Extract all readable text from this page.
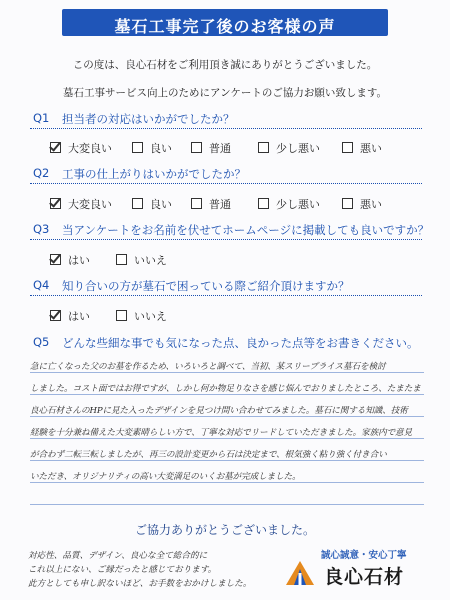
墓石工事完了後のお客様の声
この度は、良心石材をご利用頂き誠にありがとうございました。
墓石工事サービス向上のためにアンケートのご協力お願い致します。
Q1 担当者の対応はいかがでしたか？
大変良い	良い	普通	少し悪い	悪い
Q2 工事の仕上がりはいかがでしたか？
大変良い	良い	普通	少し悪い	悪い
Q3 当アンケートをお名前を伏せてホームページに掲載しても良いですか？
はい	いいえ
Q4 知り合いの方が墓石で困っている際ご紹介頂けますか？
はい	いいえ
Q5 どんな些細な事でも気になった点、良かった点等をお書きください。
急に亡くなった父のお墓を作るため、いろいろと調べて、当初、某スリープライス墓石を検討
しました。コスト面ではお得ですが、しかし何か物足りなさを感じ悩んでおりましたところ、たまたま
良心石材さんのHPに見た入ったデザインを見つけ問い合わせてみました。墓石に関する知識、技術
経験を十分兼ね備えた大変素晴らしい方で、丁寧な対応でリードしていただきました。家族内で意見
が合わず二転三転しましたが、再三の設計変更から石は決定まで、根気強く粘り強く付き合い
いただき、オリジナリティの高い大変満足のいくお墓が完成しました。
ご協力ありがとうございました。
対応性、品質、デザイン、良心な全て総合的に
これ以上にない、ご縁だったと感じております。
此方としても申し訳ないほど、お手数をおかけしました。
誠心誠意・安心丁寧
良心石材
